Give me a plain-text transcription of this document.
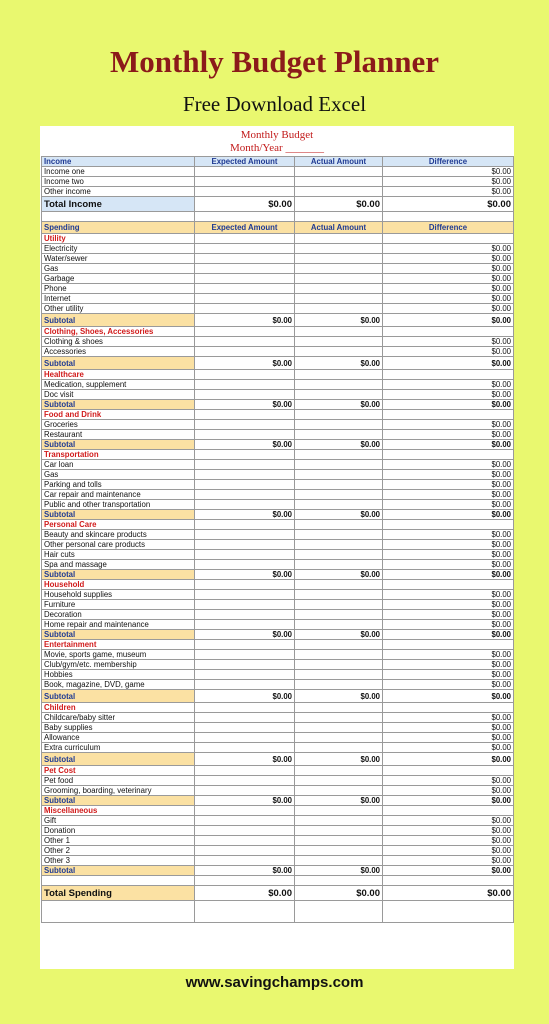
Monthly Budget Planner
Free Download Excel
Monthly Budget
Month/Year _______
Income	Expected Amount	Actual Amount	Difference
Income one			$0.00
Income two			$0.00
Other income			$0.00
Total Income	$0.00	$0.00	$0.00

Spending	Expected Amount	Actual Amount	Difference
Utility			
Electricity			$0.00
Water/sewer			$0.00
Gas			$0.00
Garbage			$0.00
Phone			$0.00
Internet			$0.00
Other utility			$0.00
Subtotal	$0.00	$0.00	$0.00
Clothing, Shoes, Accessories			
Clothing & shoes			$0.00
Accessories			$0.00
Subtotal	$0.00	$0.00	$0.00
Healthcare			
Medication, supplement			$0.00
Doc visit			$0.00
Subtotal	$0.00	$0.00	$0.00
Food and Drink			
Groceries			$0.00
Restaurant			$0.00
Subtotal	$0.00	$0.00	$0.00
Transportation			
Car loan			$0.00
Gas			$0.00
Parking and tolls			$0.00
Car repair and maintenance			$0.00
Public and other transportation			$0.00
Subtotal	$0.00	$0.00	$0.00
Personal Care			
Beauty and skincare products			$0.00
Other personal care products			$0.00
Hair cuts			$0.00
Spa and massage			$0.00
Subtotal	$0.00	$0.00	$0.00
Household			
Household supplies			$0.00
Furniture			$0.00
Decoration			$0.00
Home repair and maintenance			$0.00
Subtotal	$0.00	$0.00	$0.00
Entertainment			
Movie, sports game, museum			$0.00
Club/gym/etc. membership			$0.00
Hobbies			$0.00
Book, magazine, DVD, game			$0.00
Subtotal	$0.00	$0.00	$0.00
Children			
Childcare/baby sitter			$0.00
Baby supplies			$0.00
Allowance			$0.00
Extra curriculum			$0.00
Subtotal	$0.00	$0.00	$0.00
Pet Cost			
Pet food			$0.00
Grooming, boarding, veterinary			$0.00
Subtotal	$0.00	$0.00	$0.00
Miscellaneous			
Gift			$0.00
Donation			$0.00
Other 1			$0.00
Other 2			$0.00
Other 3			$0.00
Subtotal	$0.00	$0.00	$0.00

Total Spending	$0.00	$0.00	$0.00

www.savingchamps.com
